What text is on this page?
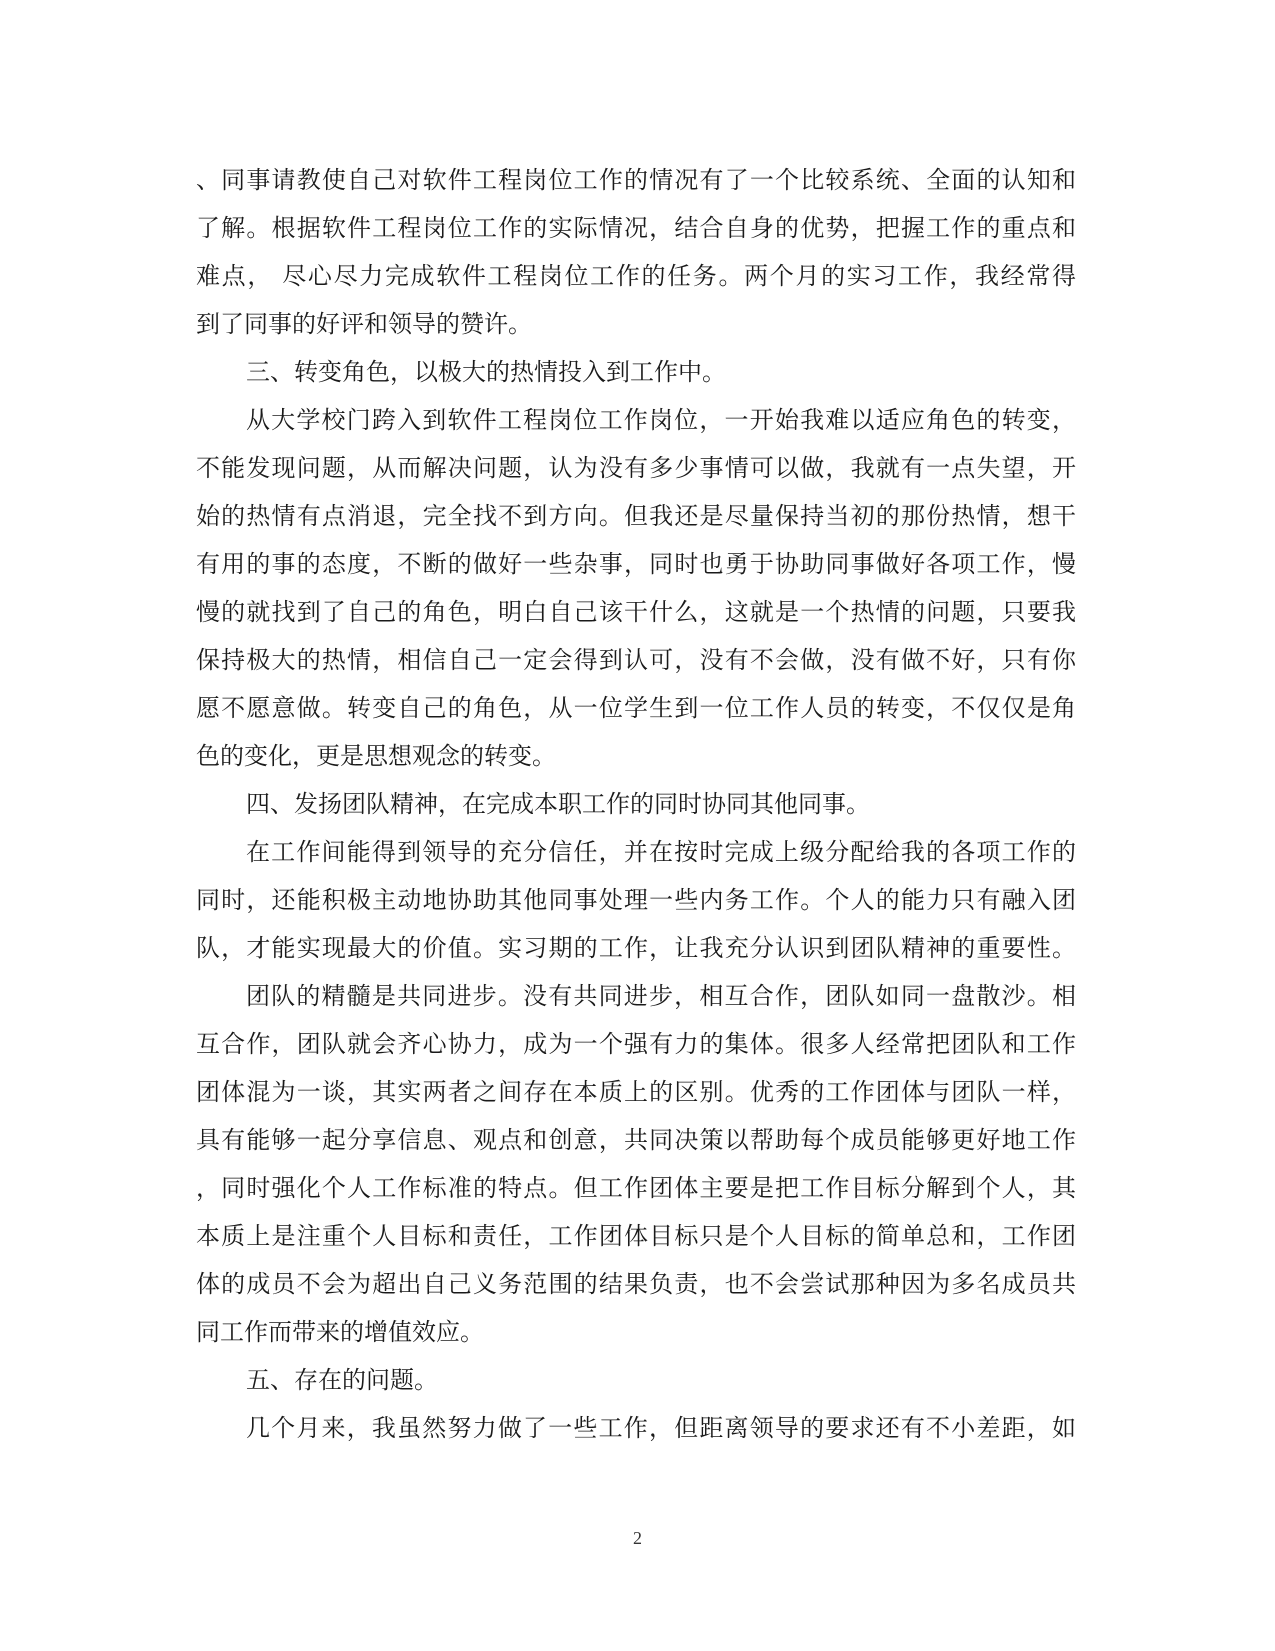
、同事请教使自己对软件工程岗位工作的情况有了一个比较系统、全面的认知和
了解。根据软件工程岗位工作的实际情况，结合自身的优势，把握工作的重点和
难点， 尽心尽力完成软件工程岗位工作的任务。两个月的实习工作，我经常得
到了同事的好评和领导的赞许。
三、转变角色，以极大的热情投入到工作中。
从大学校门跨入到软件工程岗位工作岗位，一开始我难以适应角色的转变，
不能发现问题，从而解决问题，认为没有多少事情可以做，我就有一点失望，开
始的热情有点消退，完全找不到方向。但我还是尽量保持当初的那份热情，想干
有用的事的态度，不断的做好一些杂事，同时也勇于协助同事做好各项工作，慢
慢的就找到了自己的角色，明白自己该干什么，这就是一个热情的问题，只要我
保持极大的热情，相信自己一定会得到认可，没有不会做，没有做不好，只有你
愿不愿意做。转变自己的角色，从一位学生到一位工作人员的转变，不仅仅是角
色的变化，更是思想观念的转变。
四、发扬团队精神，在完成本职工作的同时协同其他同事。
在工作间能得到领导的充分信任，并在按时完成上级分配给我的各项工作的
同时，还能积极主动地协助其他同事处理一些内务工作。个人的能力只有融入团
队，才能实现最大的价值。实习期的工作，让我充分认识到团队精神的重要性。
团队的精髓是共同进步。没有共同进步，相互合作，团队如同一盘散沙。相
互合作，团队就会齐心协力，成为一个强有力的集体。很多人经常把团队和工作
团体混为一谈，其实两者之间存在本质上的区别。优秀的工作团体与团队一样，
具有能够一起分享信息、观点和创意，共同决策以帮助每个成员能够更好地工作
，同时强化个人工作标准的特点。但工作团体主要是把工作目标分解到个人，其
本质上是注重个人目标和责任，工作团体目标只是个人目标的简单总和，工作团
体的成员不会为超出自己义务范围的结果负责，也不会尝试那种因为多名成员共
同工作而带来的增值效应。
五、存在的问题。
几个月来，我虽然努力做了一些工作，但距离领导的要求还有不小差距，如
2
